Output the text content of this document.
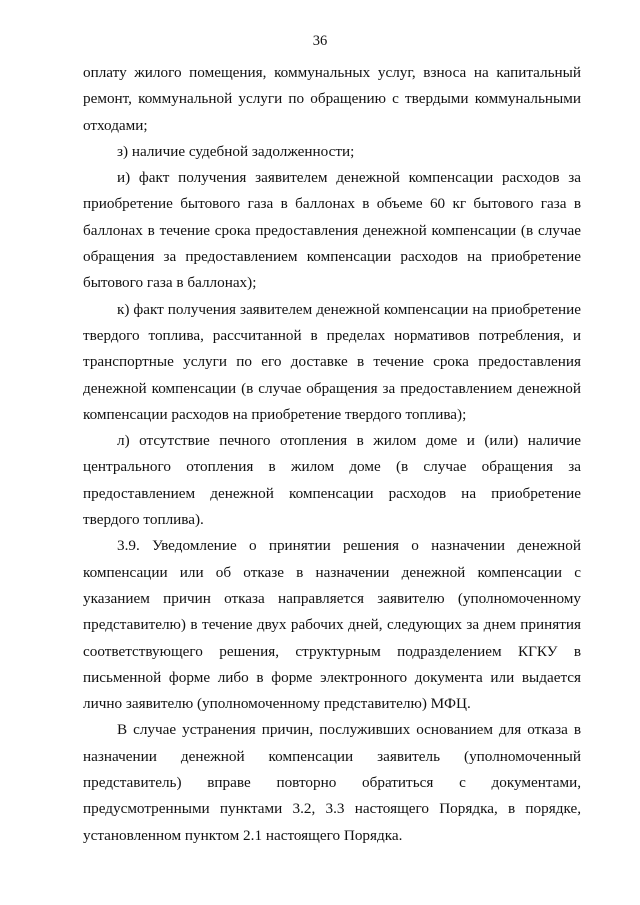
36

оплату жилого помещения, коммунальных услуг, взноса на капитальный ремонт, коммунальной услуги по обращению с твердыми коммунальными отходами;

з) наличие судебной задолженности;

и) факт получения заявителем денежной компенсации расходов за приобретение бытового газа в баллонах в объеме 60 кг бытового газа в баллонах в течение срока предоставления денежной компенсации (в случае обращения за предоставлением компенсации расходов на приобретение бытового газа в баллонах);

к) факт получения заявителем денежной компенсации на приобретение твердого топлива, рассчитанной в пределах нормативов потребления, и транспортные услуги по его доставке в течение срока предоставления денежной компенсации (в случае обращения за предоставлением денежной компенсации расходов на приобретение твердого топлива);

л) отсутствие печного отопления в жилом доме и (или) наличие центрального отопления в жилом доме (в случае обращения за предоставлением денежной компенсации расходов на приобретение твердого топлива).

3.9. Уведомление о принятии решения о назначении денежной компенсации или об отказе в назначении денежной компенсации с указанием причин отказа направляется заявителю (уполномоченному представителю) в течение двух рабочих дней, следующих за днем принятия соответствующего решения, структурным подразделением КГКУ в письменной форме либо в форме электронного документа или выдается лично заявителю (уполномоченному представителю) МФЦ.

В случае устранения причин, послуживших основанием для отказа в назначении денежной компенсации заявитель (уполномоченный представитель) вправе повторно обратиться с документами, предусмотренными пунктами 3.2, 3.3 настоящего Порядка, в порядке, установленном пунктом 2.1 настоящего Порядка.
